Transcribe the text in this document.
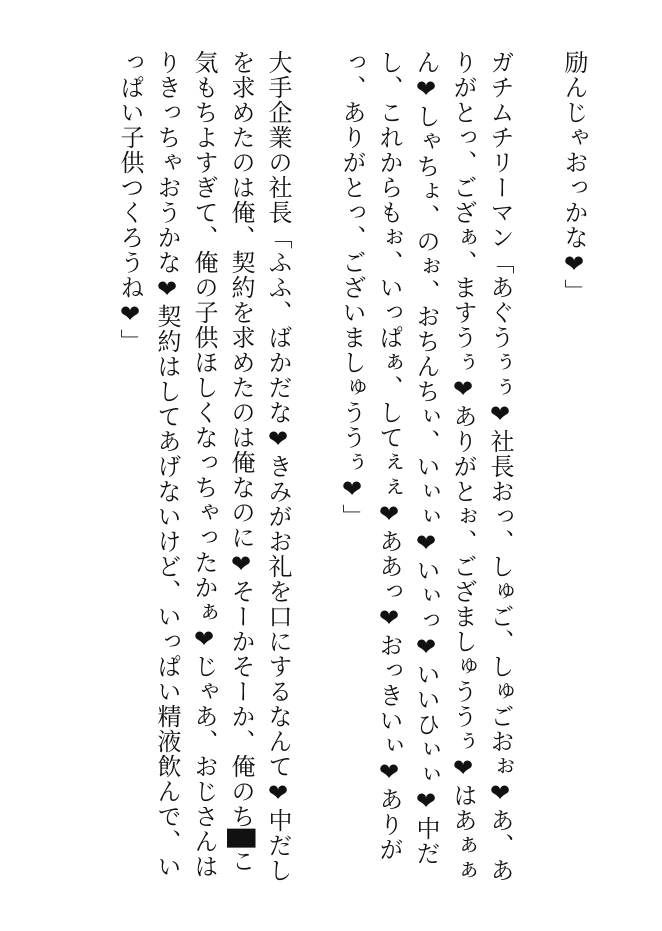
励んじゃおっかな❤」

ガチムチリーマン「あぐうぅぅ❤社長おっ、しゅご、しゅごおぉ❤あ、ありがとっ、ござぁ、ますうぅ❤ありがとぉ、ござましゅううぅ❤はあぁぁん❤しゃちょ、のぉ、おちんちぃ、いぃぃ❤いぃっ❤いいひぃぃ❤中だし、これからもぉ、いっぱぁ、してぇぇ❤ああっ❤おっきいぃ❤ありがっ、ありがとっ、ございましゅううぅ❤」

大手企業の社長「ふふ、ばかだな❤きみがお礼を口にするなんて❤中だしを求めたのは俺、契約を求めたのは俺なのに❤そーかそーか、俺のち█こ気もちよすぎて、俺の子供ほしくなっちゃったかぁ❤じゃあ、おじさんはりきっちゃおうかな❤契約はしてあげないけど、いっぱい精液飲んで、いっぱい子供つくろうね❤」
